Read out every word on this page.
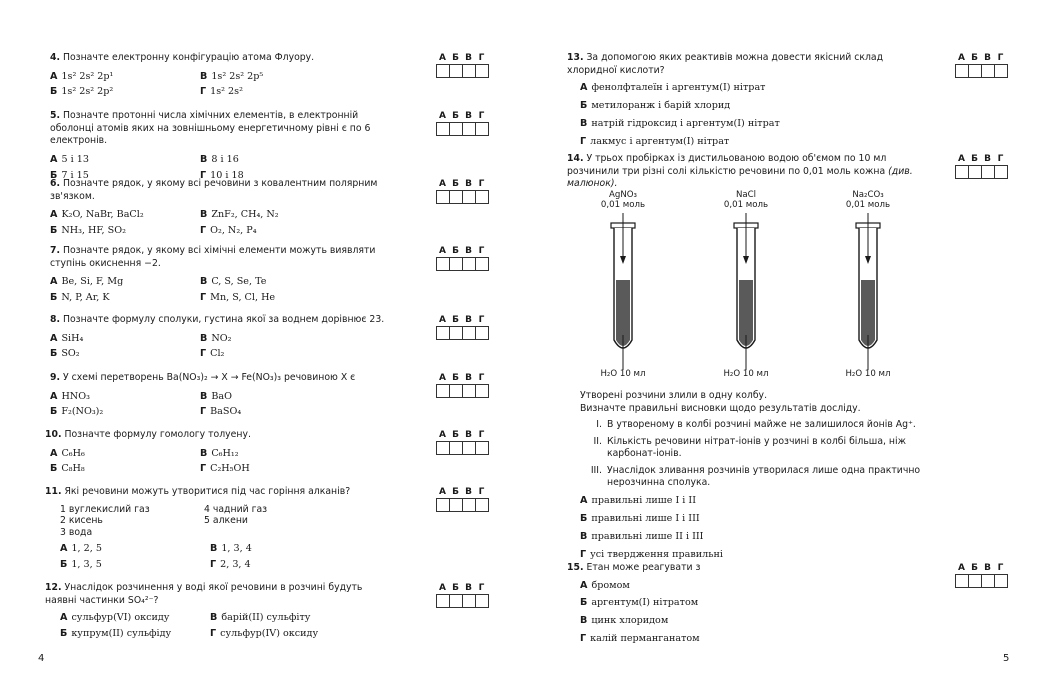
4. Позначте електронну конфігурацію атома Флуору.
А 1s² 2s² 2p¹	В 1s² 2s² 2p⁵
Б 1s² 2s² 2p²	Г 1s² 2s²
5. Позначте протонні числа хімічних елементів, в електронній оболонці атомів яких на зовнішньому енергетичному рівні є по 6 електронів.
А 5 і 13	В 8 і 16
Б 7 і 15	Г 10 і 18
6. Позначте рядок, у якому всі речовини з ковалентним полярним зв'язком.
А K₂O, NaBr, BaCl₂	В ZnF₂, CH₄, N₂
Б NH₃, HF, SO₂	Г O₂, N₂, P₄
7. Позначте рядок, у якому всі хімічні елементи можуть виявляти ступінь окиснення −2.
А Be, Si, F, Mg	В C, S, Se, Te
Б N, P, Ar, K	Г Mn, S, Cl, He
8. Позначте формулу сполуки, густина якої за воднем дорівнює 23.
А SiH₄	В NO₂
Б SO₂	Г Cl₂
9. У схемі перетворень Ba(NO₃)₂ → X → Fe(NO₃)₃ речовиною X є
А HNO₃	В BaO
Б F₂(NO₃)₂	Г BaSO₄
10. Позначте формулу гомологу толуену.
А C₆H₆	В C₆H₁₂
Б C₈H₈	Г C₂H₅OH
11. Які речовини можуть утворитися під час горіння алканів?
1 вуглекислий газ	4 чадний газ
2 кисень	5 алкени
3 вода
А 1, 2, 5	В 1, 3, 4
Б 1, 3, 5	Г 2, 3, 4
12. Унаслідок розчинення у воді якої речовини в розчині будуть наявні частинки SO₄²⁻?
А сульфур(VI) оксиду	В барій(II) сульфіту
Б купрум(II) сульфіду	Г сульфур(IV) оксиду
А Б В Г
А Б В Г
А Б В Г
А Б В Г
А Б В Г
А Б В Г
А Б В Г
А Б В Г
А Б В Г
4
13. За допомогою яких реактивів можна довести якісний склад хлоридної кислоти?
А фенолфталеїн і аргентум(I) нітрат
Б метилоранж і барій хлорид
В натрій гідроксид і аргентум(I) нітрат
Г лакмус і аргентум(I) нітрат
14. У трьох пробірках із дистильованою водою об'ємом по 10 мл розчинили три різні солі кількістю речовини по 0,01 моль кожна (див. малюнок).
AgNO₃
0,01 моль
NaCl
0,01 моль
Na₂CO₃
0,01 моль
H₂O 10 мл	H₂O 10 мл	H₂O 10 мл
Утворені розчини злили в одну колбу.
Визначте правильні висновки щодо результатів досліду.
I. В утвореному в колбі розчині майже не залишилося йонів Ag⁺.
II. Кількість речовини нітрат-іонів у розчині в колбі більша, ніж карбонат-іонів.
III. Унаслідок зливання розчинів утворилася лише одна практично нерозчинна сполука.
А правильні лише I і II
Б правильні лише I і III
В правильні лише II і III
Г усі твердження правильні
15. Етан може реагувати з
А бромом
Б аргентум(I) нітратом
В цинк хлоридом
Г калій перманганатом
А Б В Г
А Б В Г
А Б В Г
5
